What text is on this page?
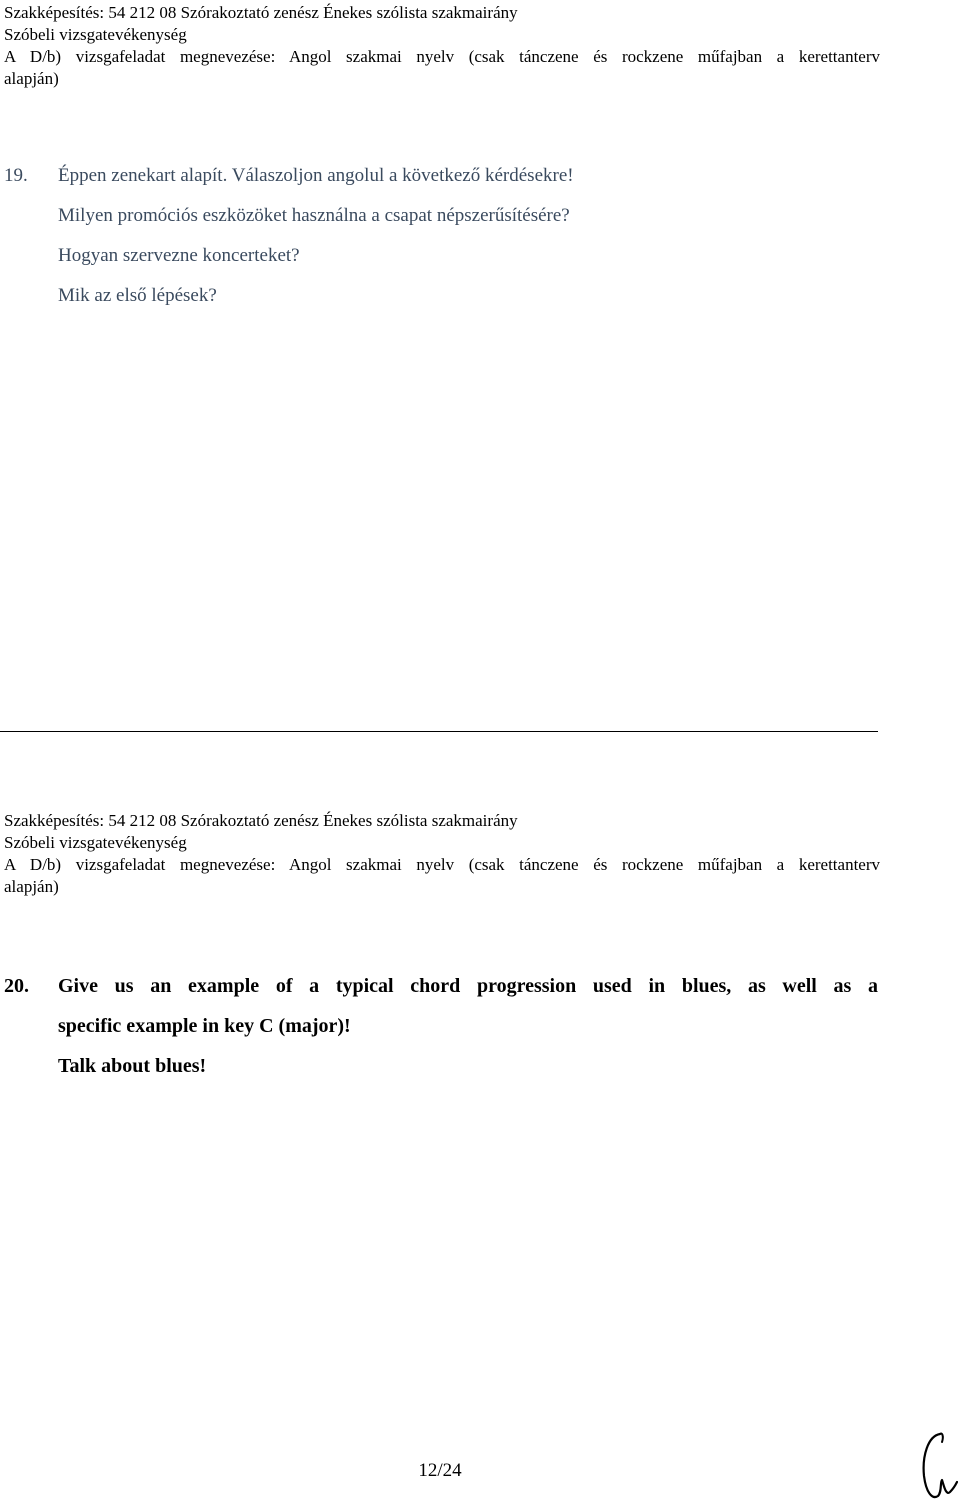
Szakképesítés: 54 212 08 Szórakoztató zenész Énekes szólista szakmairány
Szóbeli vizsgatevékenység
A D/b) vizsgafeladat megnevezése: Angol szakmai nyelv (csak tánczene és rockzene műfajban a kerettanterv
alapján)
19. Éppen zenekart alapít. Válaszoljon angolul a következő kérdésekre!
Milyen promóciós eszközöket használna a csapat népszerűsítésére?
Hogyan szervezne koncerteket?
Mik az első lépések?
Szakképesítés: 54 212 08 Szórakoztató zenész Énekes szólista szakmairány
Szóbeli vizsgatevékenység
A D/b) vizsgafeladat megnevezése: Angol szakmai nyelv (csak tánczene és rockzene műfajban a kerettanterv
alapján)
20. Give us an example of a typical chord progression used in blues, as well as a
specific example in key C (major)!
Talk about blues!
12/24
